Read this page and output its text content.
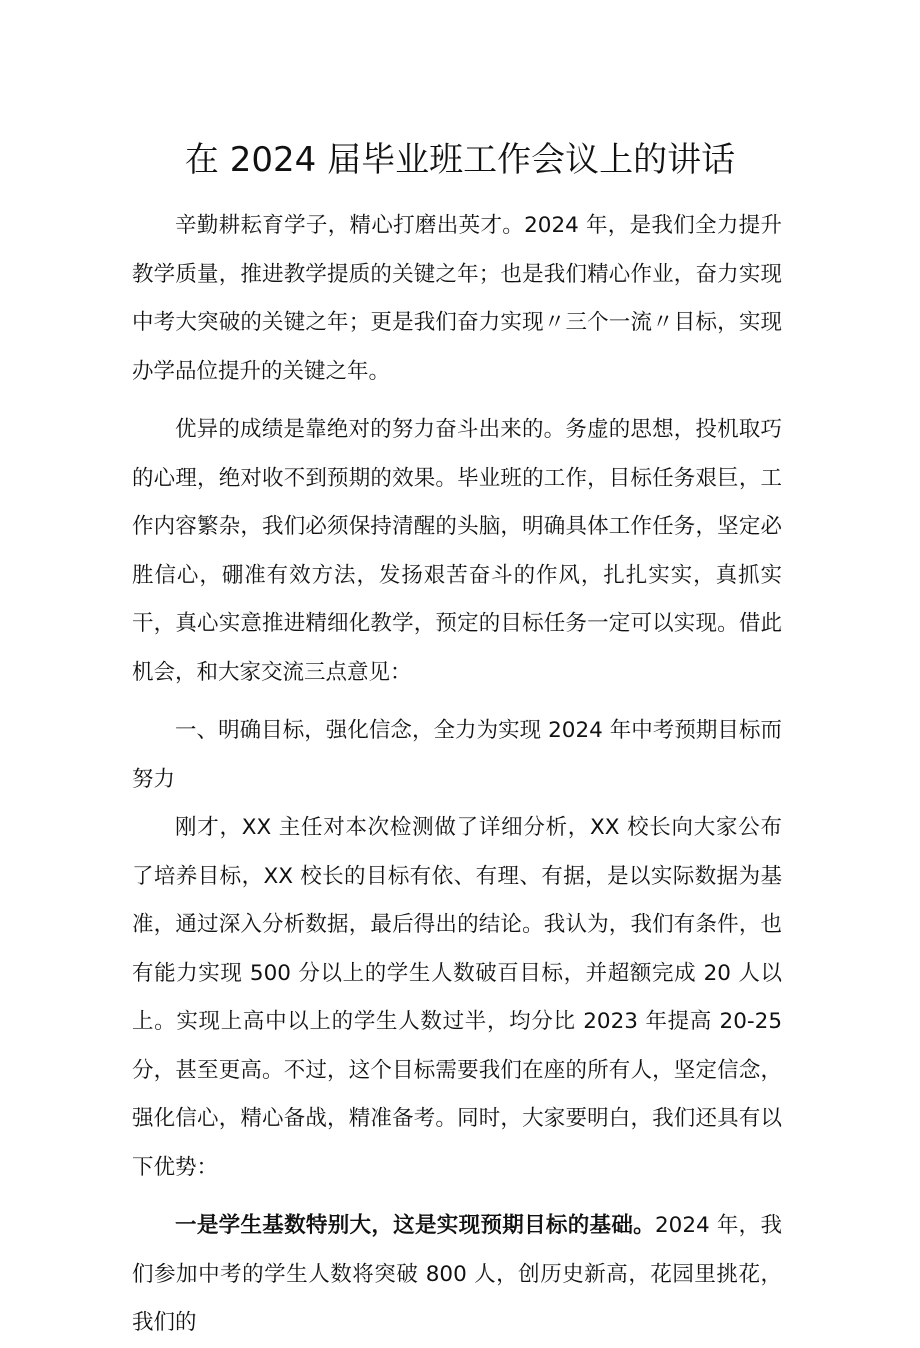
在 2024 届毕业班工作会议上的讲话

辛勤耕耘育学子，精心打磨出英才。2024 年，是我们全力提升教学质量，推进教学提质的关键之年；也是我们精心作业，奋力实现中考大突破的关键之年；更是我们奋力实现〃三个一流〃目标，实现办学品位提升的关键之年。

优异的成绩是靠绝对的努力奋斗出来的。务虚的思想，投机取巧的心理，绝对收不到预期的效果。毕业班的工作，目标任务艰巨，工作内容繁杂，我们必须保持清醒的头脑，明确具体工作任务，坚定必胜信心，硼准有效方法，发扬艰苦奋斗的作风，扎扎实实，真抓实干，真心实意推进精细化教学，预定的目标任务一定可以实现。借此机会，和大家交流三点意见：

一、明确目标，强化信念，全力为实现 2024 年中考预期目标而努力

刚才，XX 主任对本次检测做了详细分析，XX 校长向大家公布了培养目标，XX 校长的目标有依、有理、有据，是以实际数据为基准，通过深入分析数据，最后得出的结论。我认为，我们有条件，也有能力实现 500 分以上的学生人数破百目标，并超额完成 20 人以上。实现上高中以上的学生人数过半，均分比 2023 年提高 20-25 分，甚至更高。不过，这个目标需要我们在座的所有人，坚定信念，强化信心，精心备战，精准备考。同时，大家要明白，我们还具有以下优势：

一是学生基数特别大，这是实现预期目标的基础。2024 年，我们参加中考的学生人数将突破 800 人，创历史新高，花园里挑花，我们的
